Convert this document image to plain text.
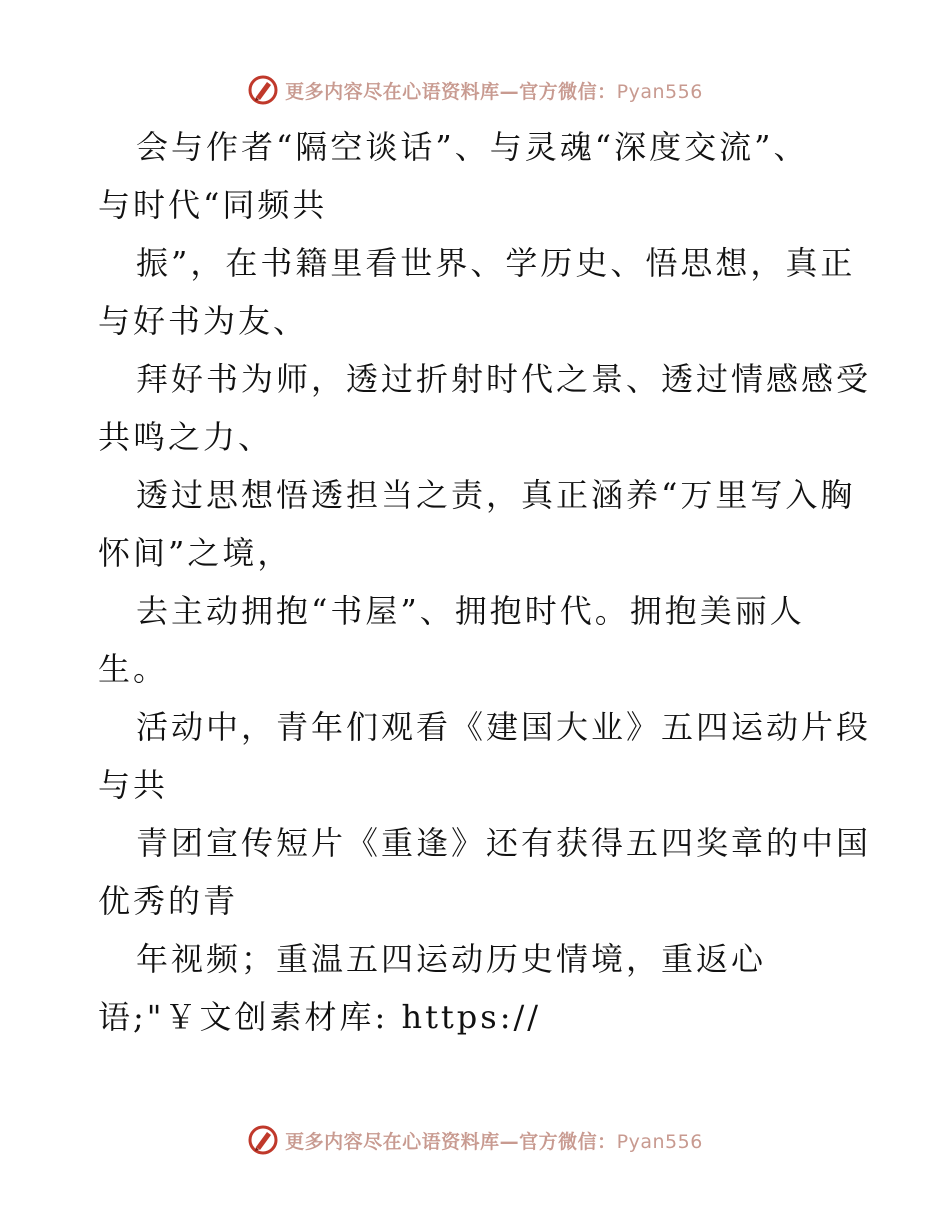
更多内容尽在心语资料库—官方微信：Pyan556
会与作者“隔空谈话”、与灵魂“深度交流”、
与时代“同频共
振”，在书籍里看世界、学历史、悟思想，真正
与好书为友、
拜好书为师，透过折射时代之景、透过情感感受
共鸣之力、
透过思想悟透担当之责，真正涵养“万里写入胸
怀间”之境，
去主动拥抱“书屋”、拥抱时代。拥抱美丽人
生。
活动中，青年们观看《建国大业》五四运动片段
与共
青团宣传短片《重逢》还有获得五四奖章的中国
优秀的青
年视频；重温五四运动历史情境，重返心
语;"￥文创素材库: https://
更多内容尽在心语资料库—官方微信：Pyan556
